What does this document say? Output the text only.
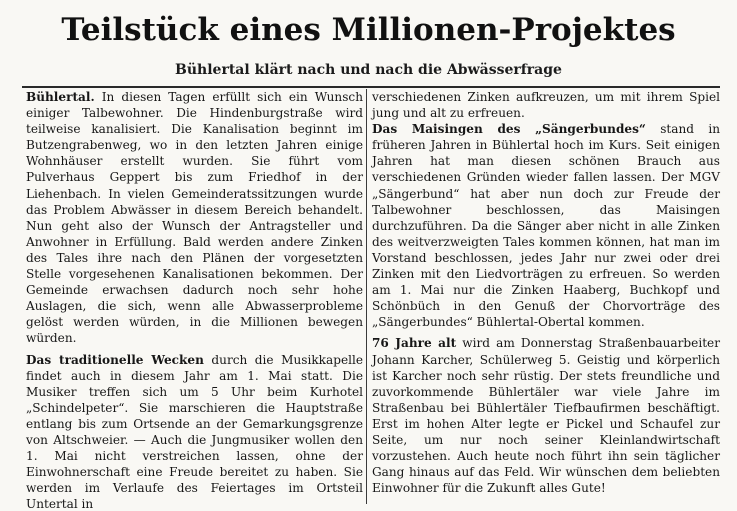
Teilstück eines Millionen-Projektes
Bühlertal klärt nach und nach die Abwässerfrage

Bühlertal. In diesen Tagen erfüllt sich ein Wunsch einiger Talbewohner. Die Hindenburgstraße wird teilweise kanalisiert. Die Kanalisation beginnt im Butzengrabenweg, wo in den letzten Jahren einige Wohnhäuser erstellt wurden. Sie führt vom Pulverhaus Geppert bis zum Friedhof in der Liehenbach. In vielen Gemeinderatssitzungen wurde das Problem Abwässer in diesem Bereich behandelt. Nun geht also der Wunsch der Antragsteller und Anwohner in Erfüllung. Bald werden andere Zinken des Tales ihre nach den Plänen der vorgesetzten Stelle vorgesehenen Kanalisationen bekommen. Der Gemeinde erwachsen dadurch noch sehr hohe Auslagen, die sich, wenn alle Abwasserprobleme gelöst werden würden, in die Millionen bewegen würden.

Das traditionelle Wecken durch die Musikkapelle findet auch in diesem Jahr am 1. Mai statt. Die Musiker treffen sich um 5 Uhr beim Kurhotel „Schindelpeter“. Sie marschieren die Hauptstraße entlang bis zum Ortsende an der Gemarkungsgrenze von Altschweier. — Auch die Jungmusiker wollen den 1. Mai nicht verstreichen lassen, ohne der Einwohnerschaft eine Freude bereitet zu haben. Sie werden im Verlaufe des Feiertages im Ortsteil Untertal in

verschiedenen Zinken aufkreuzen, um mit ihrem Spiel jung und alt zu erfreuen.

Das Maisingen des „Sängerbundes“ stand in früheren Jahren in Bühlertal hoch im Kurs. Seit einigen Jahren hat man diesen schönen Brauch aus verschiedenen Gründen wieder fallen lassen. Der MGV „Sängerbund“ hat aber nun doch zur Freude der Talbewohner beschlossen, das Maisingen durchzuführen. Da die Sänger aber nicht in alle Zinken des weitverzweigten Tales kommen können, hat man im Vorstand beschlossen, jedes Jahr nur zwei oder drei Zinken mit den Liedvorträgen zu erfreuen. So werden am 1. Mai nur die Zinken Haaberg, Buchkopf und Schönbüch in den Genuß der Chorvorträge des „Sängerbundes“ Bühlertal-Obertal kommen.

76 Jahre alt wird am Donnerstag Straßenbauarbeiter Johann Karcher, Schülerweg 5. Geistig und körperlich ist Karcher noch sehr rüstig. Der stets freundliche und zuvorkommende Bühlertäler war viele Jahre im Straßenbau bei Bühlertäler Tiefbaufirmen beschäftigt. Erst im hohen Alter legte er Pickel und Schaufel zur Seite, um nur noch seiner Kleinlandwirtschaft vorzustehen. Auch heute noch führt ihn sein täglicher Gang hinaus auf das Feld. Wir wünschen dem beliebten Einwohner für die Zukunft alles Gute!
